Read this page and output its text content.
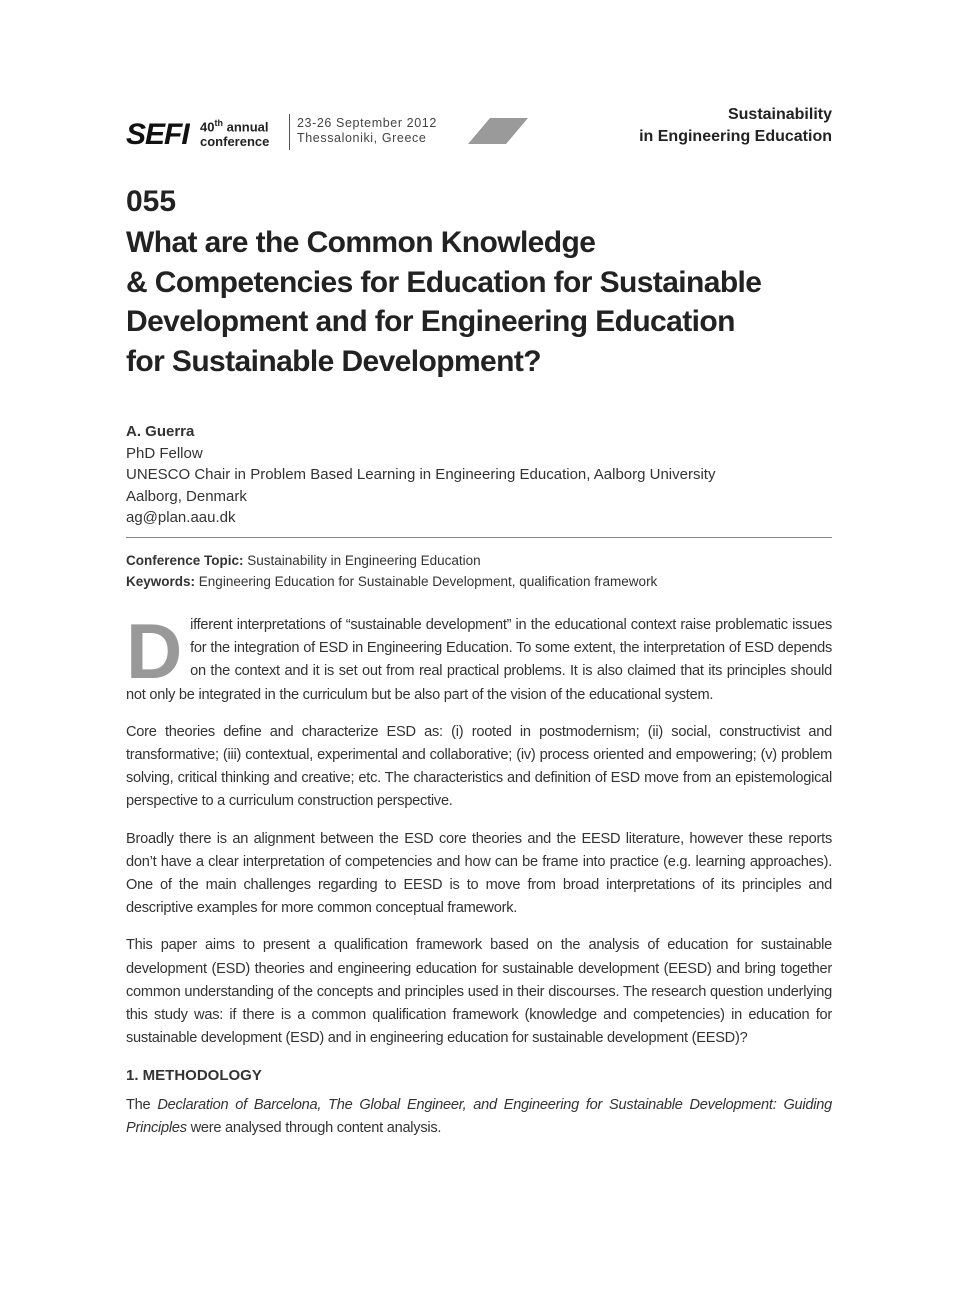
SEFI 40th annual
conference
23-26 September 2012
Thessaloniki, Greece
Sustainability
in Engineering Education
055
What are the Common Knowledge
& Competencies for Education for Sustainable
Development and for Engineering Education
for Sustainable Development?
A. Guerra
PhD Fellow
UNESCO Chair in Problem Based Learning in Engineering Education, Aalborg University
Aalborg, Denmark
ag@plan.aau.dk
Conference Topic: Sustainability in Engineering Education
Keywords: Engineering Education for Sustainable Development, qualification framework

Different interpretations of “sustainable development” in the educational context raise problematic issues for the integration of ESD in Engineering Education. To some extent, the interpretation of ESD depends on the context and it is set out from real practical problems. It is also claimed that its principles should not only be integrated in the curriculum but be also part of the vision of the educational system.

Core theories define and characterize ESD as: (i) rooted in postmodernism; (ii) social, constructivist and transformative; (iii) contextual, experimental and collaborative; (iv) process oriented and empowering; (v) problem solving, critical thinking and creative; etc. The characteristics and definition of ESD move from an epistemological perspective to a curriculum construction perspective.

Broadly there is an alignment between the ESD core theories and the EESD literature, however these reports don’t have a clear interpretation of competencies and how can be frame into practice (e.g. learning approaches). One of the main challenges regarding to EESD is to move from broad interpretations of its principles and descriptive examples for more common conceptual framework.

This paper aims to present a qualification framework based on the analysis of education for sustainable development (ESD) theories and engineering education for sustainable development (EESD) and bring together common understanding of the concepts and principles used in their discourses. The research question underlying this study was: if there is a common qualification framework (knowledge and competencies) in education for sustainable development (ESD) and in engineering education for sustainable development (EESD)?

1. METHODOLOGY

The Declaration of Barcelona, The Global Engineer, and Engineering for Sustainable Development: Guiding Principles were analysed through content analysis.
